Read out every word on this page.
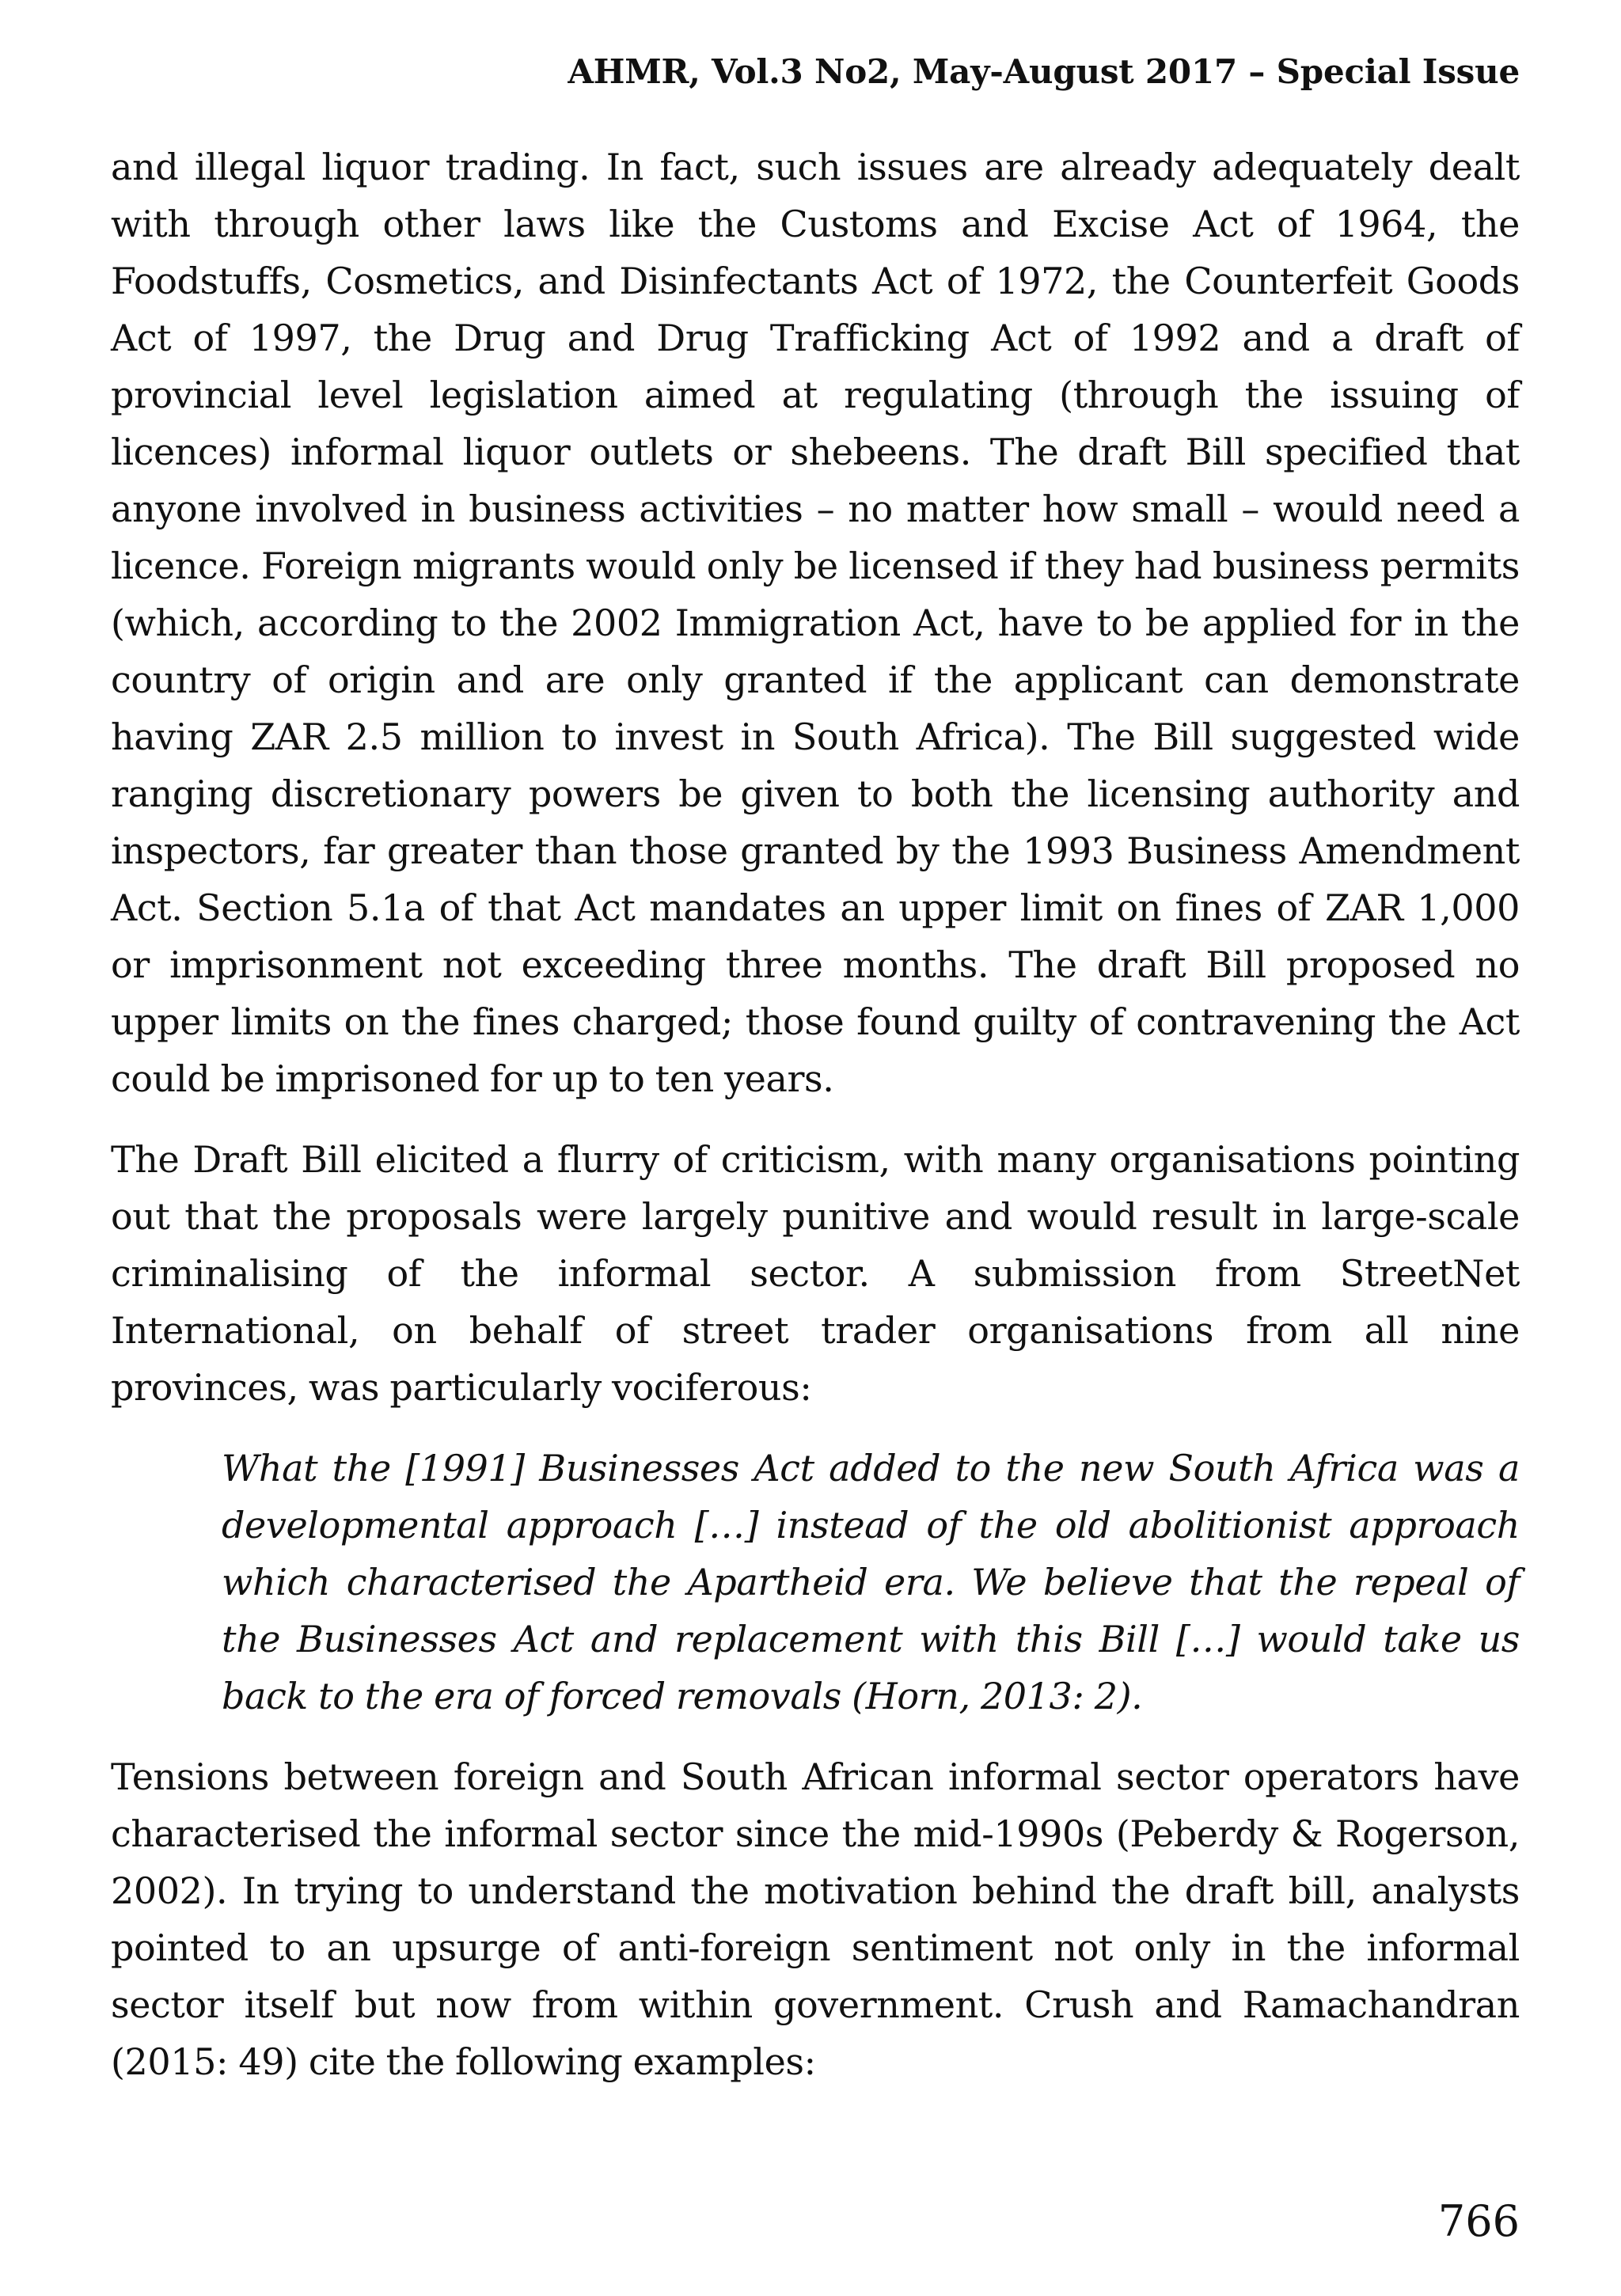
AHMR, Vol.3 No2, May-August 2017 – Special Issue

and illegal liquor trading. In fact, such issues are already adequately dealt with through other laws like the Customs and Excise Act of 1964, the Foodstuffs, Cosmetics, and Disinfectants Act of 1972, the Counterfeit Goods Act of 1997, the Drug and Drug Trafficking Act of 1992 and a draft of provincial level legislation aimed at regulating (through the issuing of licences) informal liquor outlets or shebeens. The draft Bill specified that anyone involved in business activities – no matter how small – would need a licence. Foreign migrants would only be licensed if they had business permits (which, according to the 2002 Immigration Act, have to be applied for in the country of origin and are only granted if the applicant can demonstrate having ZAR 2.5 million to invest in South Africa). The Bill suggested wide ranging discretionary powers be given to both the licensing authority and inspectors, far greater than those granted by the 1993 Business Amendment Act. Section 5.1a of that Act mandates an upper limit on fines of ZAR 1,000 or imprisonment not exceeding three months. The draft Bill proposed no upper limits on the fines charged; those found guilty of contravening the Act could be imprisoned for up to ten years.

The Draft Bill elicited a flurry of criticism, with many organisations pointing out that the proposals were largely punitive and would result in large-scale criminalising of the informal sector. A submission from StreetNet International, on behalf of street trader organisations from all nine provinces, was particularly vociferous:

What the [1991] Businesses Act added to the new South Africa was a developmental approach […] instead of the old abolitionist approach which characterised the Apartheid era. We believe that the repeal of the Businesses Act and replacement with this Bill […] would take us back to the era of forced removals (Horn, 2013: 2).

Tensions between foreign and South African informal sector operators have characterised the informal sector since the mid-1990s (Peberdy & Rogerson, 2002). In trying to understand the motivation behind the draft bill, analysts pointed to an upsurge of anti-foreign sentiment not only in the informal sector itself but now from within government. Crush and Ramachandran (2015: 49) cite the following examples:

766
